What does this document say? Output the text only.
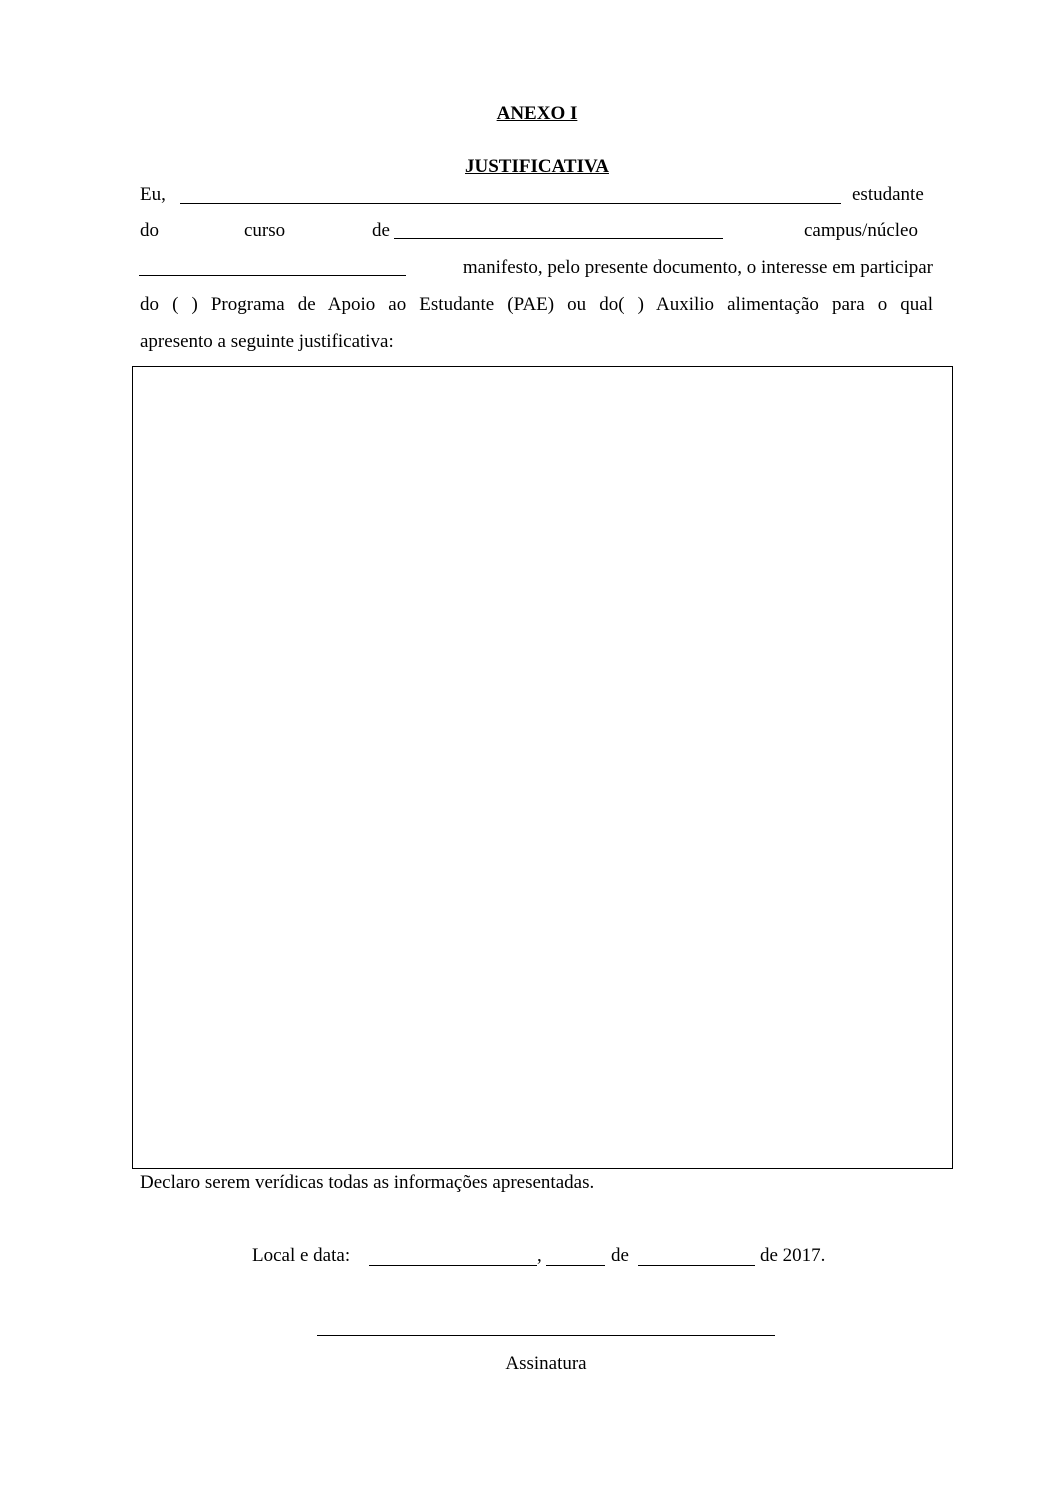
ANEXO I
JUSTIFICATIVA
Eu,	estudante
do	curso	de	campus/núcleo
manifesto, pelo presente documento, o interesse em participar
do ( ) Programa de Apoio ao Estudante (PAE) ou do( ) Auxilio alimentação para o qual
apresento a seguinte justificativa:
Declaro serem verídicas todas as informações apresentadas.
Local e data:	,	de	de 2017.
Assinatura
